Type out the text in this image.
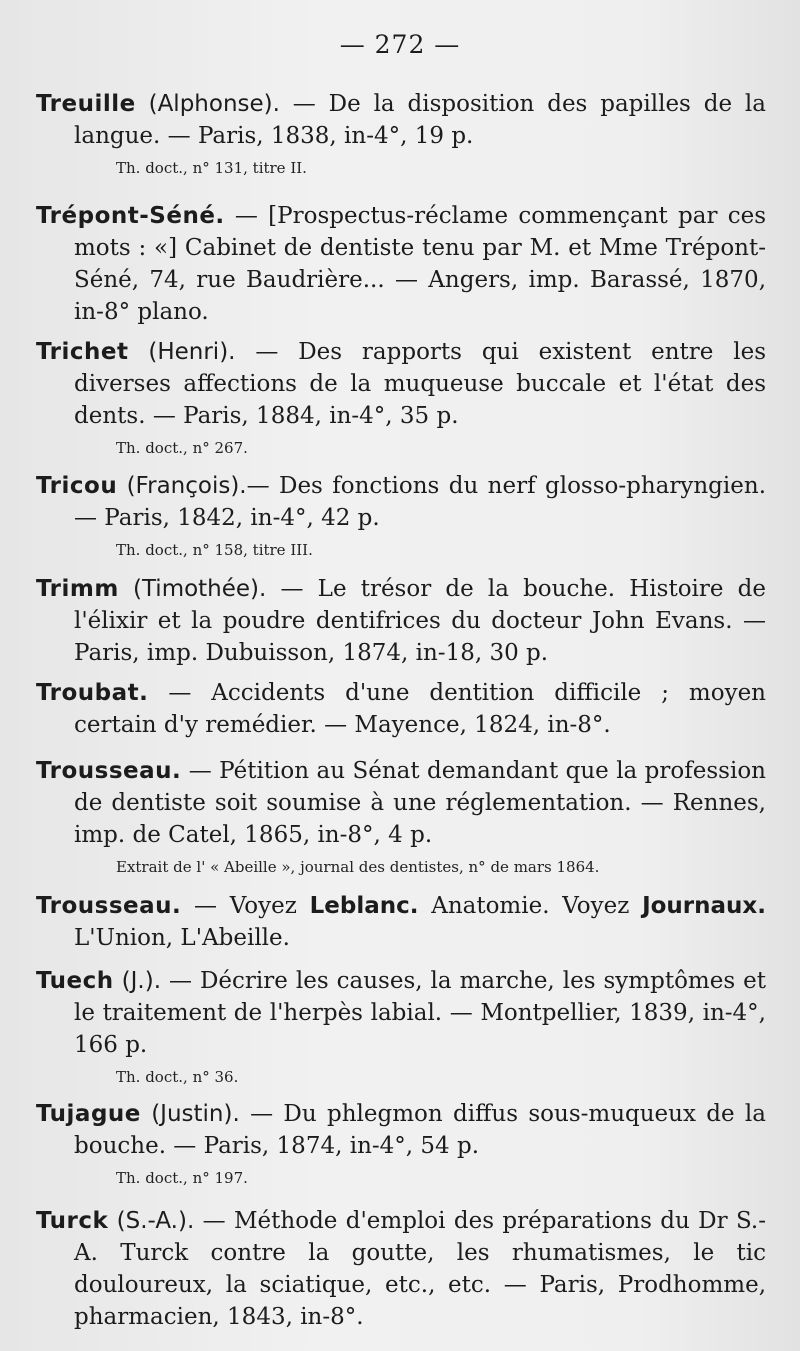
— 272 —

Treuille (Alphonse). — De la disposition des papilles de la langue. — Paris, 1838, in-4°, 19 p.

Th. doct., n° 131, titre II.

Trépont-Séné. — [Prospectus-réclame commençant par ces mots : «] Cabinet de dentiste tenu par M. et Mme Trépont-Séné, 74, rue Baudrière... — Angers, imp. Barassé, 1870, in-8° plano.

Trichet (Henri). — Des rapports qui existent entre les diverses affections de la muqueuse buccale et l'état des dents. — Paris, 1884, in-4°, 35 p.

Th. doct., n° 267.

Tricou (François).— Des fonctions du nerf glosso-pharyngien. — Paris, 1842, in-4°, 42 p.

Th. doct., n° 158, titre III.

Trimm (Timothée). — Le trésor de la bouche. Histoire de l'élixir et la poudre dentifrices du docteur John Evans. — Paris, imp. Dubuisson, 1874, in-18, 30 p.

Troubat. — Accidents d'une dentition difficile ; moyen certain d'y remédier. — Mayence, 1824, in-8°.

Trousseau. — Pétition au Sénat demandant que la profession de dentiste soit soumise à une réglementation. — Rennes, imp. de Catel, 1865, in-8°, 4 p.

Extrait de l' « Abeille », journal des dentistes, n° de mars 1864.

Trousseau. — Voyez Leblanc. Anatomie. Voyez Journaux. L'Union, L'Abeille.

Tuech (J.). — Décrire les causes, la marche, les symptômes et le traitement de l'herpès labial. — Montpellier, 1839, in-4°, 166 p.

Th. doct., n° 36.

Tujague (Justin). — Du phlegmon diffus sous-muqueux de la bouche. — Paris, 1874, in-4°, 54 p.

Th. doct., n° 197.

Turck (S.-A.). — Méthode d'emploi des préparations du Dr S.-A. Turck contre la goutte, les rhumatismes, le tic douloureux, la sciatique, etc., etc. — Paris, Prodhomme, pharmacien, 1843, in-8°.
